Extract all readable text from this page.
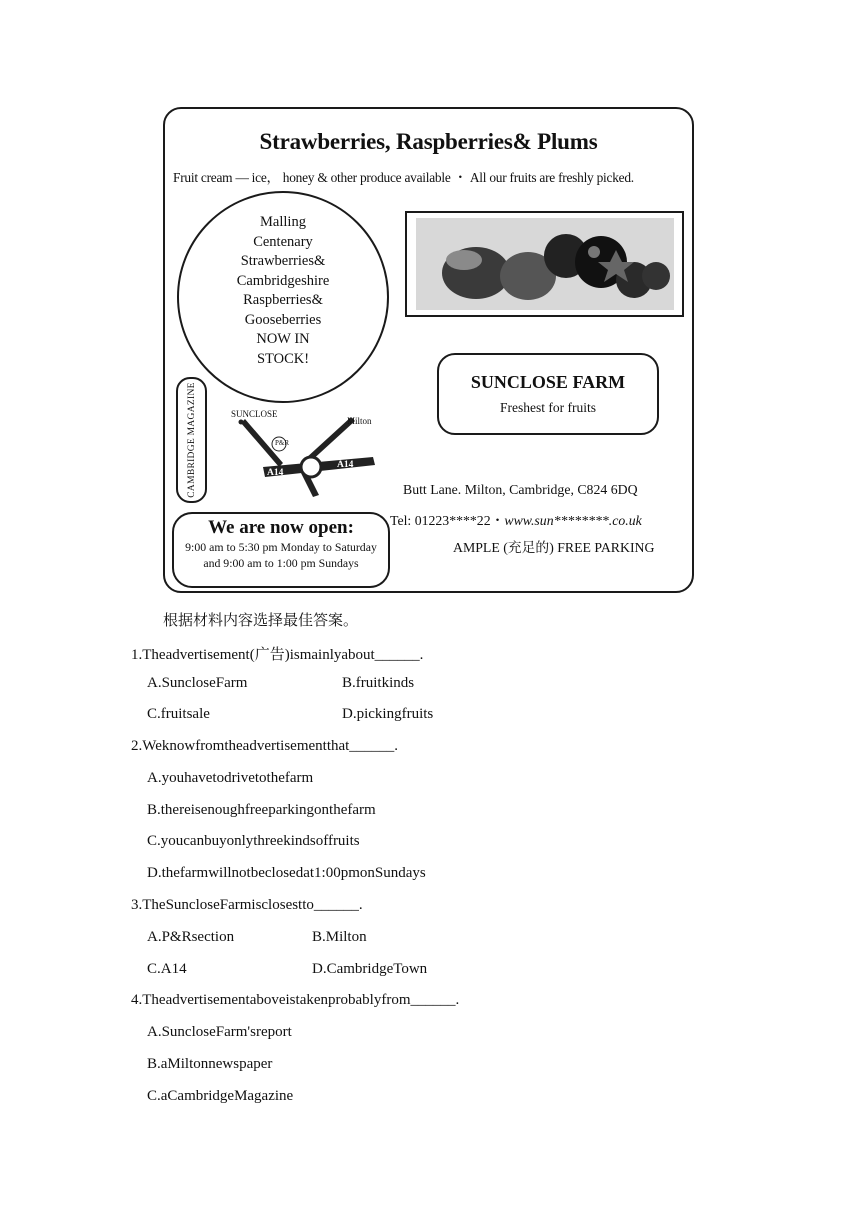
Strawberries, Raspberries& Plums
Fruit cream — ice， honey & other produce available ・ All our fruits are freshly picked.
Malling
Centenary
Strawberries&
Cambridgeshire
Raspberries&
Gooseberries
NOW IN
STOCK!
SUNCLOSE FARM
Freshest for fruits
CAMBRIDGE MAGAZINE	SUNCLOSE
Milton
P&R
A14
A14
Butt Lane. Milton, Cambridge, C824 6DQ
Tel: 01223****22・www.sun********.co.uk
AMPLE (充足的) FREE PARKING
We are now open:
9:00 am to 5:30 pm Monday to Saturday
and 9:00 am to 1:00 pm Sundays
根据材料内容选择最佳答案。
1.Theadvertisement(广告)ismainlyabout______.
A.SuncloseFarm	B.fruitkinds
C.fruitsale	D.pickingfruits
2.Weknowfromtheadvertisementthat______.
A.youhavetodrivetothefarm
B.thereisenoughfreeparkingonthefarm
C.youcanbuyonlythreekindsoffruits
D.thefarmwillnotbeclosedat1:00pmonSundays
3.TheSuncloseFarmisclosestto______.
A.P&Rsection	B.Milton
C.A14	D.CambridgeTown
4.Theadvertisementaboveistakenprobablyfrom______.
A.SuncloseFarm'sreport
B.aMiltonnewspaper
C.aCambridgeMagazine
